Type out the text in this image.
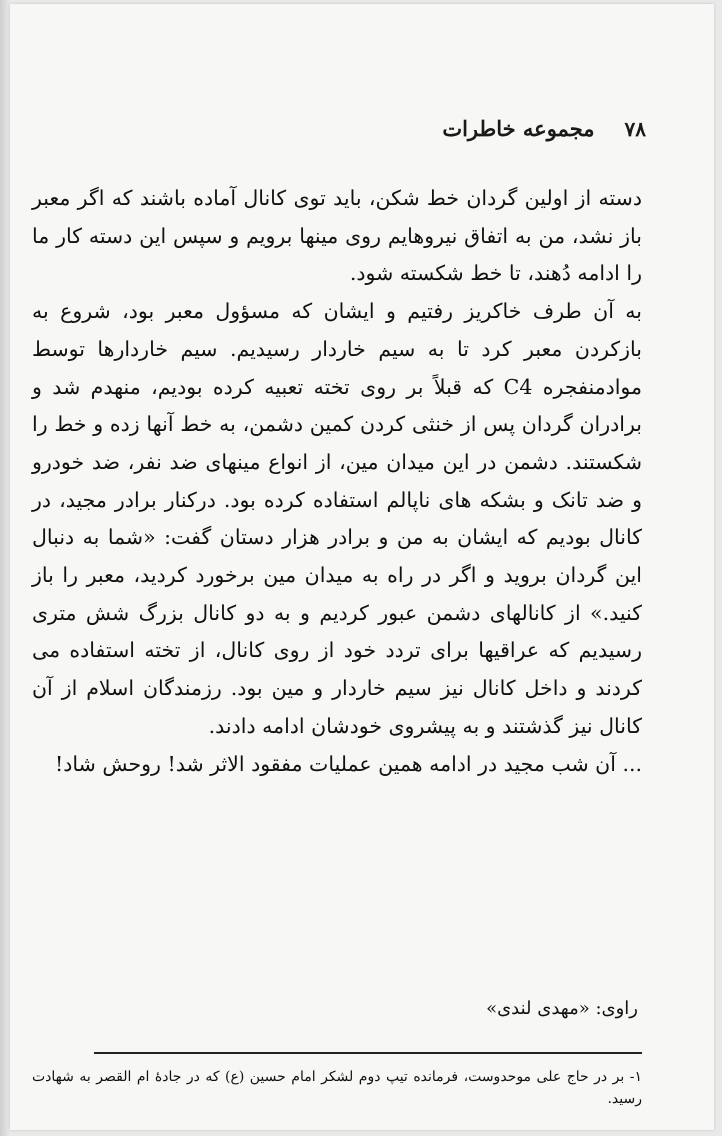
۷۸
مجموعه خاطرات

دسته از اولین گردان خط شکن، باید توی کانال آماده باشند که اگر معبر باز نشد، من به اتفاق نیروهایم روی مینها برویم و سپس این دسته کار ما را ادامه دُهند، تا خط شکسته شود.

به آن طرف خاکریز رفتیم و ایشان که مسؤول معبر بود، شروع به بازکردن معبر کرد تا به سیم خاردار رسیدیم. سیم خاردارها توسط موادمنفجره C4 که قبلاً بر روی تخته تعبیه کرده بودیم، منهدم شد و برادران گردان پس از خنثی کردن کمین دشمن، به خط آنها زده و خط را شکستند. دشمن در این میدان مین، از انواع مینهای ضد نفر، ضد خودرو و ضد تانک و بشکه های ناپالم استفاده کرده بود. درکنار برادر مجید، در کانال بودیم که ایشان به من و برادر هزار دستان گفت: «شما به دنبال این گردان بروید و اگر در راه به میدان مین برخورد کردید، معبر را باز کنید.» از کانالهای دشمن عبور کردیم و به دو کانال بزرگ شش متری رسیدیم که عراقیها برای تردد خود از روی کانال، از تخته استفاده می کردند و داخل کانال نیز سیم خاردار و مین بود. رزمندگان اسلام از آن کانال نیز گذشتند و به پیشروی خودشان ادامه دادند.

... آن شب مجید در ادامه همین عملیات مفقود الاثر شد! روحش شاد!

راوی: «مهدی لندی»
۱- بر در حاج علی موحدوست، فرمانده تیپ دوم لشکر امام حسین (ع) که در جادهٔ ام القصر به شهادت رسید.
